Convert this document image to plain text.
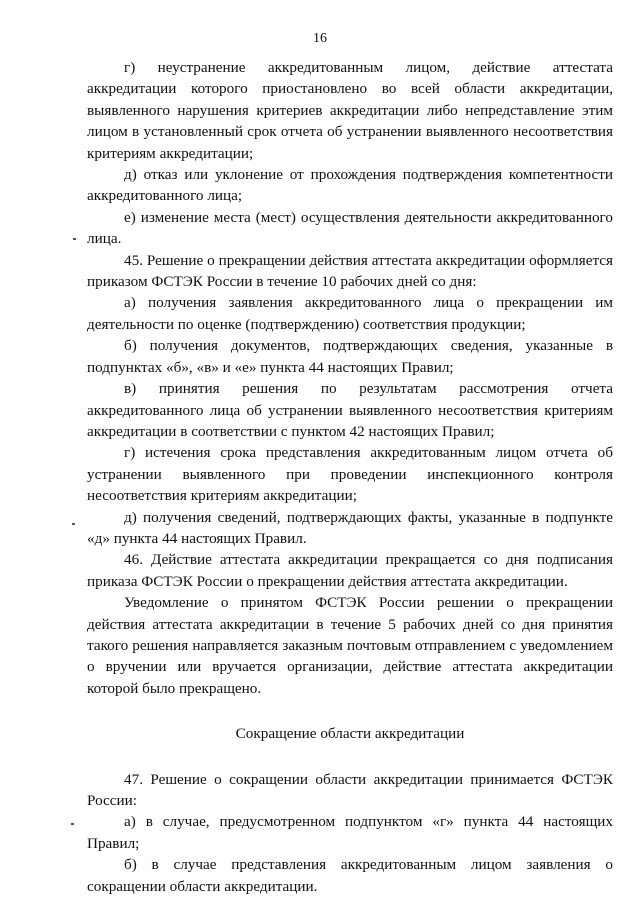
16

г) неустранение аккредитованным лицом, действие аттестата аккредитации которого приостановлено во всей области аккредитации, выявленного нарушения критериев аккредитации либо непредставление этим лицом в установленный срок отчета об устранении выявленного несоответствия критериям аккредитации;

д) отказ или уклонение от прохождения подтверждения компетентности аккредитованного лица;

е) изменение места (мест) осуществления деятельности аккредитованного лица.

45. Решение о прекращении действия аттестата аккредитации оформляется приказом ФСТЭК России в течение 10 рабочих дней со дня:

а) получения заявления аккредитованного лица о прекращении им деятельности по оценке (подтверждению) соответствия продукции;

б) получения документов, подтверждающих сведения, указанные в подпунктах «б», «в» и «е» пункта 44 настоящих Правил;

в) принятия решения по результатам рассмотрения отчета аккредитованного лица об устранении выявленного несоответствия критериям аккредитации в соответствии с пунктом 42 настоящих Правил;

г) истечения срока представления аккредитованным лицом отчета об устранении выявленного при проведении инспекционного контроля несоответствия критериям аккредитации;

д) получения сведений, подтверждающих факты, указанные в подпункте «д» пункта 44 настоящих Правил.

46. Действие аттестата аккредитации прекращается со дня подписания приказа ФСТЭК России о прекращении действия аттестата аккредитации.

Уведомление о принятом ФСТЭК России решении о прекращении действия аттестата аккредитации в течение 5 рабочих дней со дня принятия такого решения направляется заказным почтовым отправлением с уведомлением о вручении или вручается организации, действие аттестата аккредитации которой было прекращено.

Сокращение области аккредитации

47. Решение о сокращении области аккредитации принимается ФСТЭК России:

а) в случае, предусмотренном подпунктом «г» пункта 44 настоящих Правил;

б) в случае представления аккредитованным лицом заявления о сокращении области аккредитации.
